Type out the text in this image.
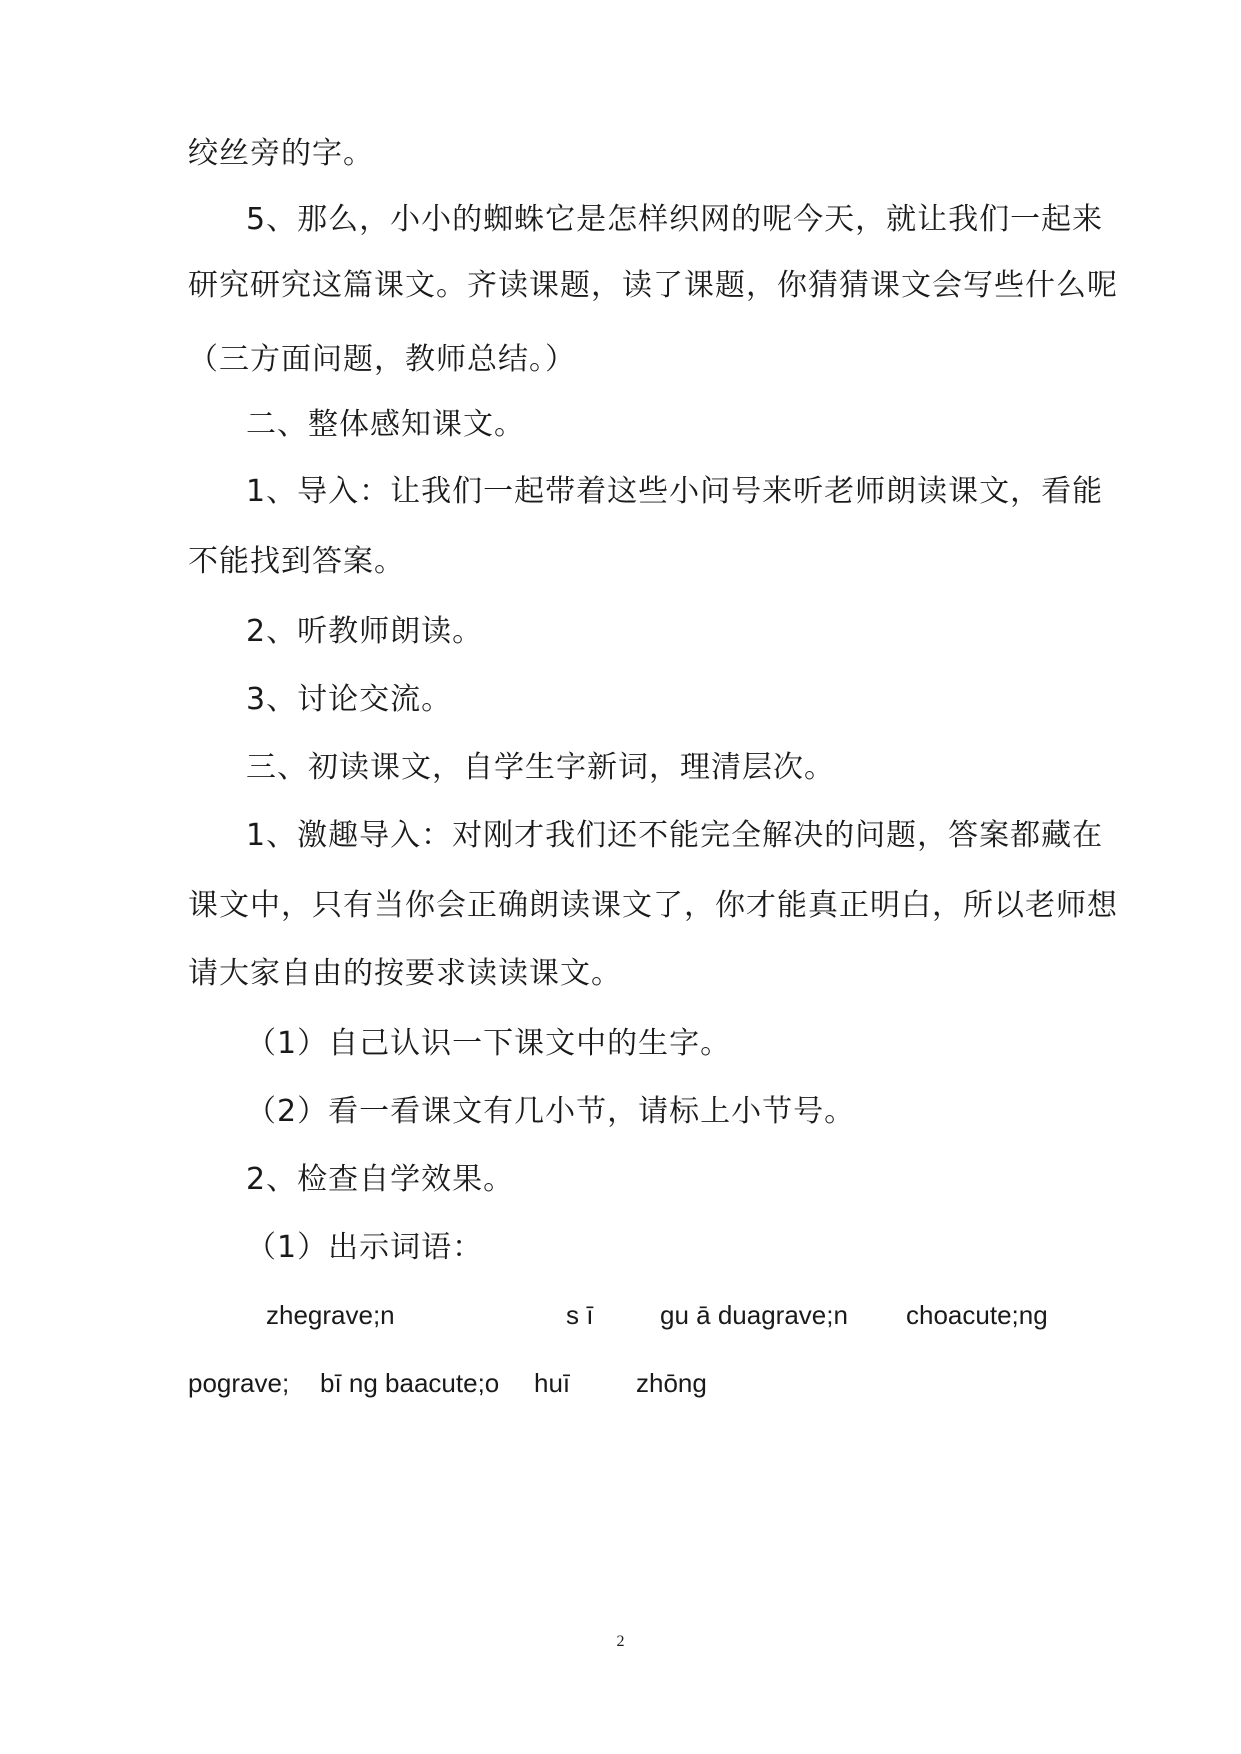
绞丝旁的字。
5、那么，小小的蜘蛛它是怎样织网的呢今天，就让我们一起来
研究研究这篇课文。齐读课题，读了课题，你猜猜课文会写些什么呢
（三方面问题，教师总结。）
二、整体感知课文。
1、导入：让我们一起带着这些小问号来听老师朗读课文，看能
不能找到答案。
2、听教师朗读。
3、讨论交流。
三、初读课文，自学生字新词，理清层次。
1、激趣导入：对刚才我们还不能完全解决的问题，答案都藏在
课文中，只有当你会正确朗读课文了，你才能真正明白，所以老师想
请大家自由的按要求读读课文。
（1）自己认识一下课文中的生字。
（2）看一看课文有几小节，请标上小节号。
2、检查自学效果。
（1）出示词语：
zhegrave;n	s ī	gu ā duagrave;n choacute;ng
pograve; bī ng baacute;o huī	zhōng
2
